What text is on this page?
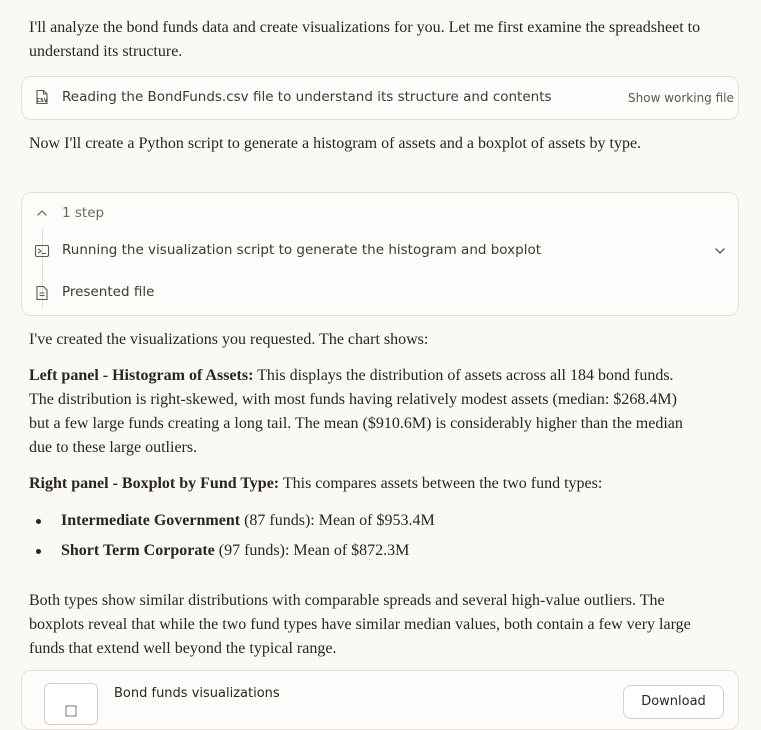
I'll analyze the bond funds data and create visualizations for you. Let me first examine the spreadsheet to understand its structure.

CSV Reading the BondFunds.csv file to understand its structure and contents	Show working file

Now I'll create a Python script to generate a histogram of assets and a boxplot of assets by type.

1 step
Running the visualization script to generate the histogram and boxplot
Presented file

I've created the visualizations you requested. The chart shows:

Left panel - Histogram of Assets: This displays the distribution of assets across all 184 bond funds. The distribution is right-skewed, with most funds having relatively modest assets (median: $268.4M) but a few large funds creating a long tail. The mean ($910.6M) is considerably higher than the median due to these large outliers.

Right panel - Boxplot by Fund Type: This compares assets between the two fund types:

Intermediate Government (87 funds): Mean of $953.4M
Short Term Corporate (97 funds): Mean of $872.3M

Both types show similar distributions with comparable spreads and several high-value outliers. The boxplots reveal that while the two fund types have similar median values, both contain a few very large funds that extend well beyond the typical range.

Bond funds visualizations
Download
